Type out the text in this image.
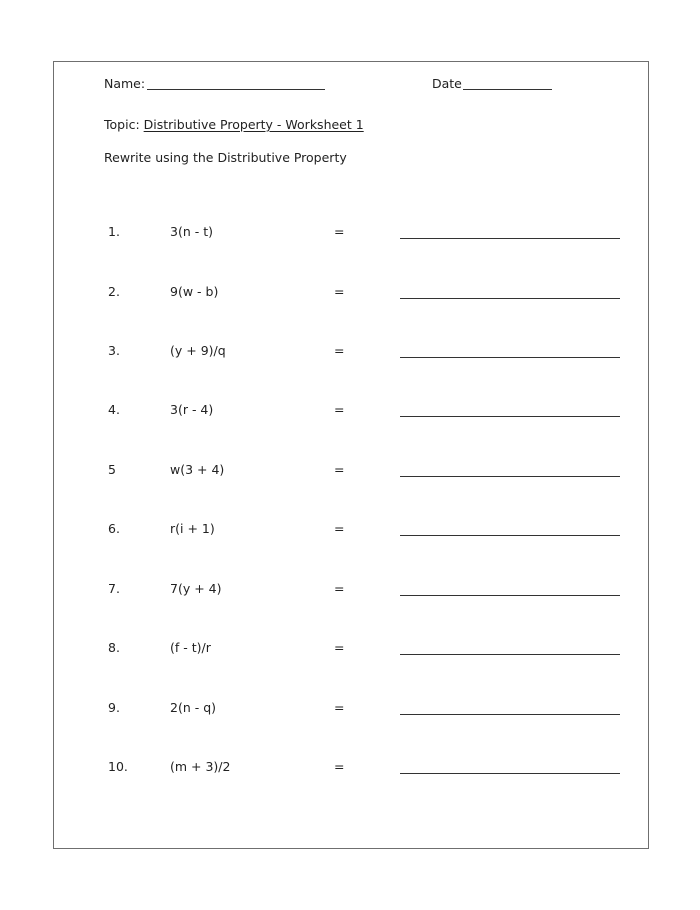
Name:	Date
Topic: Distributive Property - Worksheet 1
Rewrite using the Distributive Property
1.	3(n - t)	=
2.	9(w - b)	=
3.	(y + 9)/q	=
4.	3(r - 4)	=
5	w(3 + 4)	=
6.	r(i + 1)	=
7.	7(y + 4)	=
8.	(f - t)/r	=
9.	2(n - q)	=
10.	(m + 3)/2	=
